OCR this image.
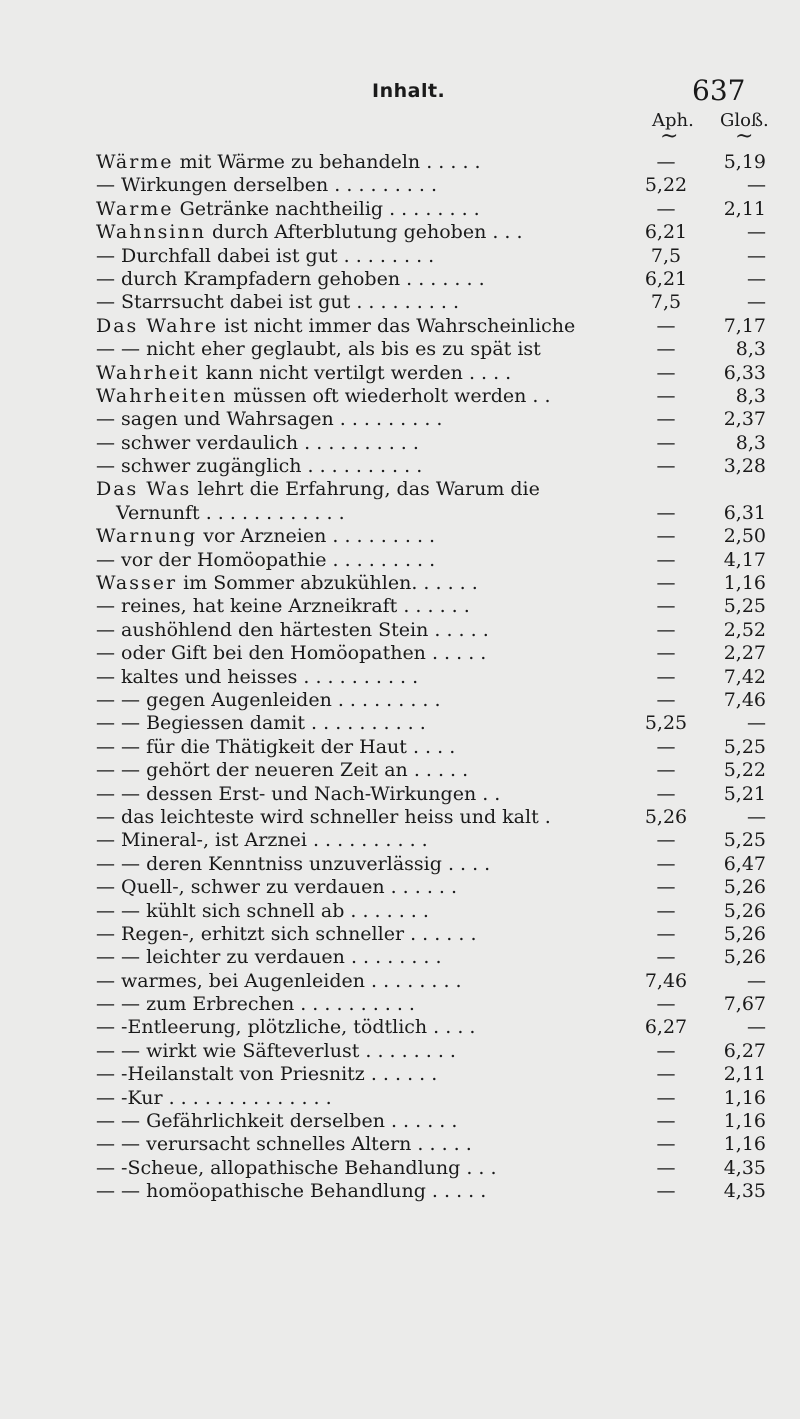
Inhalt.	637
Aph. Gloß.
~	~
Wärme mit Wärme zu behandeln . . . . .	—	5,19
— Wirkungen derselben . . . . . . . . .	5,22	—
Warme Getränke nachtheilig . . . . . . . .	—	2,11
Wahnsinn durch Afterblutung gehoben . . .	6,21	—
— Durchfall dabei ist gut . . . . . . . .	7,5	—
— durch Krampfadern gehoben . . . . . . .	6,21	—
— Starrsucht dabei ist gut . . . . . . . . .	7,5	—
Das Wahre ist nicht immer das Wahrscheinliche	—	7,17
— — nicht eher geglaubt, als bis es zu spät ist	—	8,3
Wahrheit kann nicht vertilgt werden . . . .	—	6,33
Wahrheiten müssen oft wiederholt werden . .	—	8,3
— sagen und Wahrsagen . . . . . . . . .	—	2,37
— schwer verdaulich . . . . . . . . . .	—	8,3
— schwer zugänglich . . . . . . . . . .	—	3,28
Das Was lehrt die Erfahrung, das Warum die
Vernunft . . . . . . . . . . . .	—	6,31
Warnung vor Arzneien . . . . . . . . .	—	2,50
— vor der Homöopathie . . . . . . . . .	—	4,17
Wasser im Sommer abzukühlen. . . . . .	—	1,16
— reines, hat keine Arzneikraft . . . . . .	—	5,25
— aushöhlend den härtesten Stein . . . . .	—	2,52
— oder Gift bei den Homöopathen . . . . .	—	2,27
— kaltes und heisses . . . . . . . . . .	—	7,42
— — gegen Augenleiden . . . . . . . . .	—	7,46
— — Begiessen damit . . . . . . . . . .	5,25	—
— — für die Thätigkeit der Haut . . . .	—	5,25
— — gehört der neueren Zeit an . . . . .	—	5,22
— — dessen Erst- und Nach-Wirkungen . .	—	5,21
— das leichteste wird schneller heiss und kalt .	5,26	—
— Mineral-, ist Arznei . . . . . . . . . .	—	5,25
— — deren Kenntniss unzuverlässig . . . .	—	6,47
— Quell-, schwer zu verdauen . . . . . .	—	5,26
— — kühlt sich schnell ab . . . . . . .	—	5,26
— Regen-, erhitzt sich schneller . . . . . .	—	5,26
— — leichter zu verdauen . . . . . . . .	—	5,26
— warmes, bei Augenleiden . . . . . . . .	7,46	—
— — zum Erbrechen . . . . . . . . . .	—	7,67
— -Entleerung, plötzliche, tödtlich . . . .	6,27	—
— — wirkt wie Säfteverlust . . . . . . . .	—	6,27
— -Heilanstalt von Priesnitz . . . . . .	—	2,11
— -Kur . . . . . . . . . . . . . .	—	1,16
— — Gefährlichkeit derselben . . . . . .	—	1,16
— — verursacht schnelles Altern . . . . .	—	1,16
— -Scheue, allopathische Behandlung . . .	—	4,35
— — homöopathische Behandlung . . . . .	—	4,35
